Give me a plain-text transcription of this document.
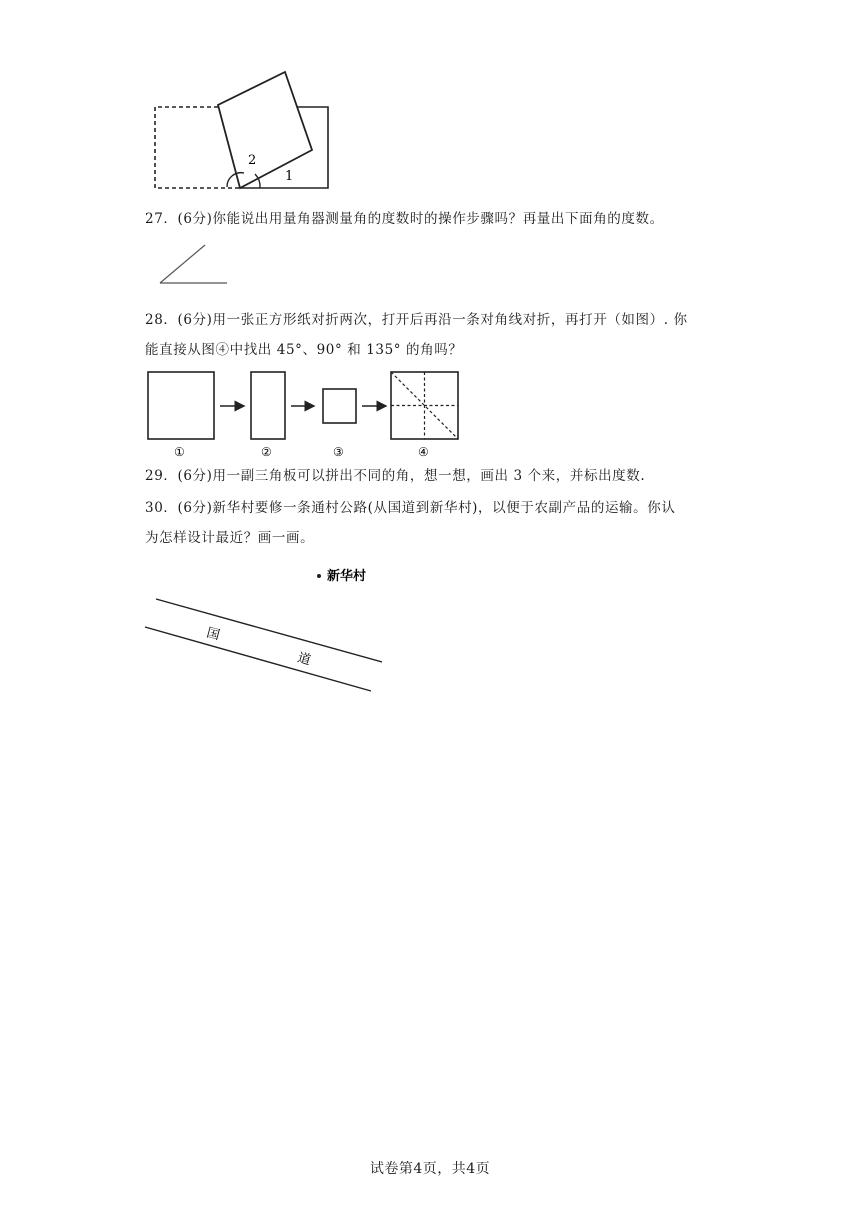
2
1
27．(6分)你能说出用量角器测量角的度数时的操作步骤吗？再量出下面角的度数。
28．(6分)用一张正方形纸对折两次，打开后再沿一条对角线对折，再打开（如图）. 你
能直接从图④中找出 45°、90° 和 135° 的角吗？
①	②	③	④
29．(6分)用一副三角板可以拼出不同的角，想一想，画出 3 个来，并标出度数.
30．(6分)新华村要修一条通村公路(从国道到新华村)，以便于农副产品的运输。你认
为怎样设计最近？画一画。
新华村
国
道
试卷第4页，共4页
